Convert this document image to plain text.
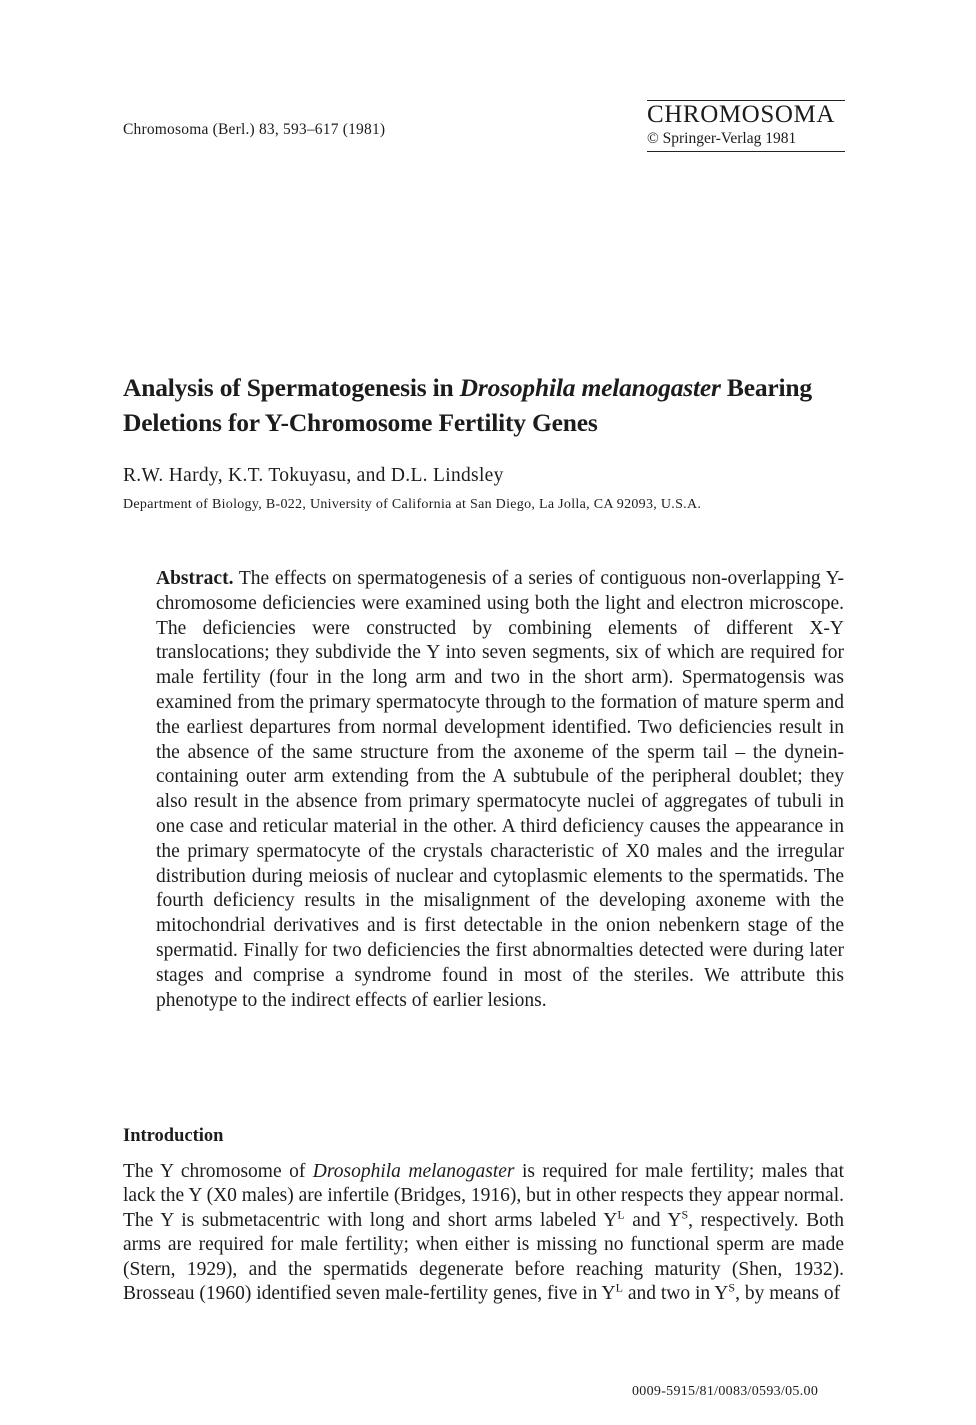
Chromosoma (Berl.) 83, 593–617 (1981)
CHROMOSOMA
© Springer-Verlag 1981
Analysis of Spermatogenesis in Drosophila melanogaster Bearing Deletions for Y-Chromosome Fertility Genes
R.W. Hardy, K.T. Tokuyasu, and D.L. Lindsley
Department of Biology, B-022, University of California at San Diego, La Jolla, CA 92093, U.S.A.

Abstract. The effects on spermatogenesis of a series of contiguous non-overlapping Y-chromosome deficiencies were examined using both the light and electron microscope. The deficiencies were constructed by combining elements of different X-Y translocations; they subdivide the Y into seven segments, six of which are required for male fertility (four in the long arm and two in the short arm). Spermatogensis was examined from the primary spermatocyte through to the formation of mature sperm and the earliest departures from normal development identified. Two deficiencies result in the absence of the same structure from the axoneme of the sperm tail – the dynein-containing outer arm extending from the A subtubule of the peripheral doublet; they also result in the absence from primary spermatocyte nuclei of aggregates of tubuli in one case and reticular material in the other. A third deficiency causes the appearance in the primary spermatocyte of the crystals characteristic of X0 males and the irregular distribution during meiosis of nuclear and cytoplasmic elements to the spermatids. The fourth deficiency results in the misalignment of the developing axoneme with the mitochondrial derivatives and is first detectable in the onion nebenkern stage of the spermatid. Finally for two deficiencies the first abnormalties detected were during later stages and comprise a syndrome found in most of the steriles. We attribute this phenotype to the indirect effects of earlier lesions.

Introduction

The Y chromosome of Drosophila melanogaster is required for male fertility; males that lack the Y (X0 males) are infertile (Bridges, 1916), but in other respects they appear normal. The Y is submetacentric with long and short arms labeled $Y^L$ and $Y^S$, respectively. Both arms are required for male fertility; when either is missing no functional sperm are made (Stern, 1929), and the spermatids degenerate before reaching maturity (Shen, 1932). Brosseau (1960) identified seven male-fertility genes, five in $Y^L$ and two in $Y^S$, by means of

0009-5915/81/0083/0593/05.00
